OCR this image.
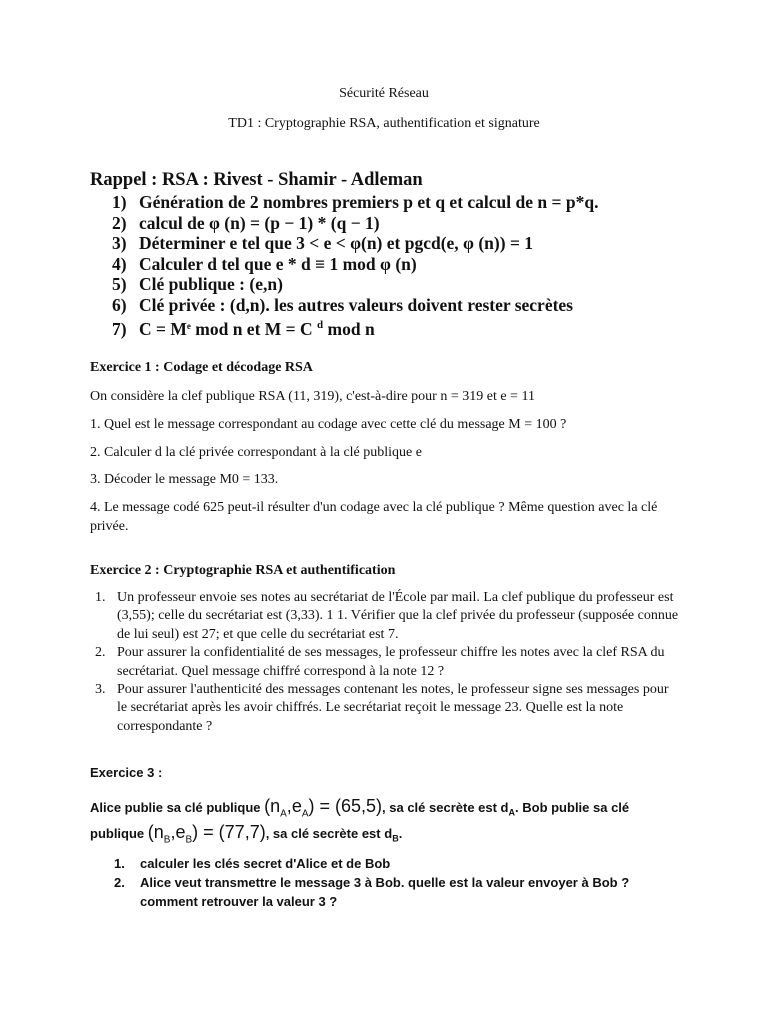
Sécurité Réseau
TD1 : Cryptographie RSA, authentification et signature
Rappel : RSA : Rivest - Shamir - Adleman
1) Génération de 2 nombres premiers p et q et calcul de n = p*q.
2) calcul de φ (n) = (p − 1) * (q − 1)
3) Déterminer e tel que 3 < e < φ(n) et pgcd(e, φ (n)) = 1
4) Calculer d tel que e * d ≡ 1 mod φ (n)
5) Clé publique : (e,n)
6) Clé privée : (d,n). les autres valeurs doivent rester secrètes
7) $C = M^e$ mod n et M = C $^d$ mod n
Exercice 1 : Codage et décodage RSA
On considère la clef publique RSA (11, 319), c'est-à-dire pour n = 319 et e = 11
1. Quel est le message correspondant au codage avec cette clé du message M = 100 ?
2. Calculer d la clé privée correspondant à la clé publique e
3. Décoder le message M0 = 133.
4. Le message codé 625 peut-il résulter d'un codage avec la clé publique ? Même question avec la clé privée.
Exercice 2 : Cryptographie RSA et authentification
1. Un professeur envoie ses notes au secrétariat de l'École par mail. La clef publique du professeur est (3,55); celle du secrétariat est (3,33). 1 1. Vérifier que la clef privée du professeur (supposée connue de lui seul) est 27; et que celle du secrétariat est 7.
2. Pour assurer la confidentialité de ses messages, le professeur chiffre les notes avec la clef RSA du secrétariat. Quel message chiffré correspond à la note 12 ?
3. Pour assurer l'authenticité des messages contenant les notes, le professeur signe ses messages pour le secrétariat après les avoir chiffrés. Le secrétariat reçoit le message 23. Quelle est la note correspondante ?
Exercice 3 :
Alice publie sa clé publique $(n_A,e_A) = (65,5)$, sa clé secrète est $d_A$. Bob publie sa clé
publique $(n_B,e_B) = (77,7)$, sa clé secrète est $d_B$.
1. calculer les clés secret d'Alice et de Bob
2. Alice veut transmettre le message 3 à Bob. quelle est la valeur envoyer à Bob ? comment retrouver la valeur 3 ?
